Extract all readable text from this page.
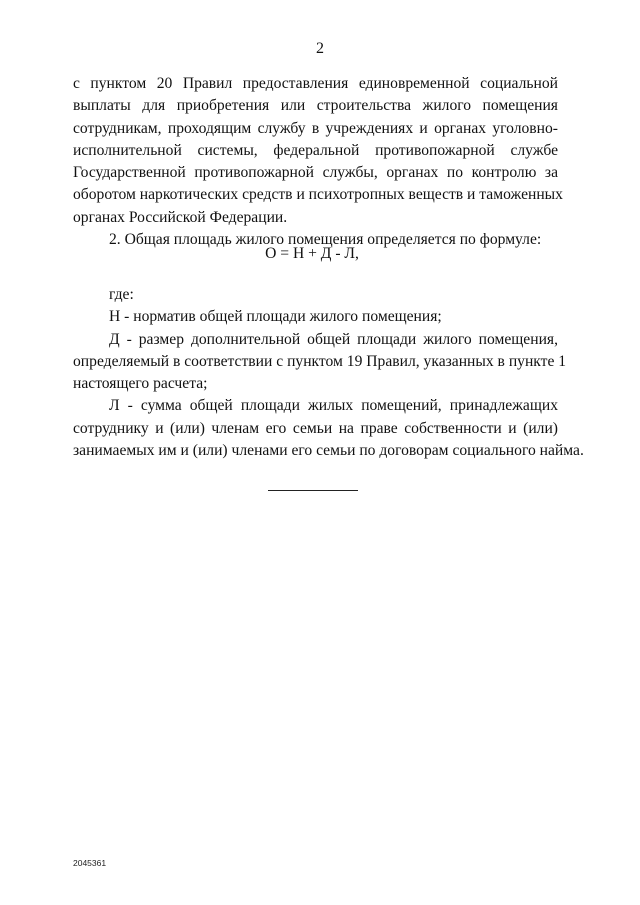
2
с пунктом 20 Правил предоставления единовременной социальной
выплаты для приобретения или строительства жилого помещения
сотрудникам, проходящим службу в учреждениях и органах уголовно-
исполнительной системы, федеральной противопожарной службе
Государственной противопожарной службы, органах по контролю за
оборотом наркотических средств и психотропных веществ и таможенных
органах Российской Федерации.
2. Общая площадь жилого помещения определяется по формуле:
О = Н + Д - Л,
где:
Н - норматив общей площади жилого помещения;
Д - размер дополнительной общей площади жилого помещения,
определяемый в соответствии с пунктом 19 Правил, указанных в пункте 1
настоящего расчета;
Л - сумма общей площади жилых помещений, принадлежащих
сотруднику и (или) членам его семьи на праве собственности и (или)
занимаемых им и (или) членами его семьи по договорам социального найма.
2045361
